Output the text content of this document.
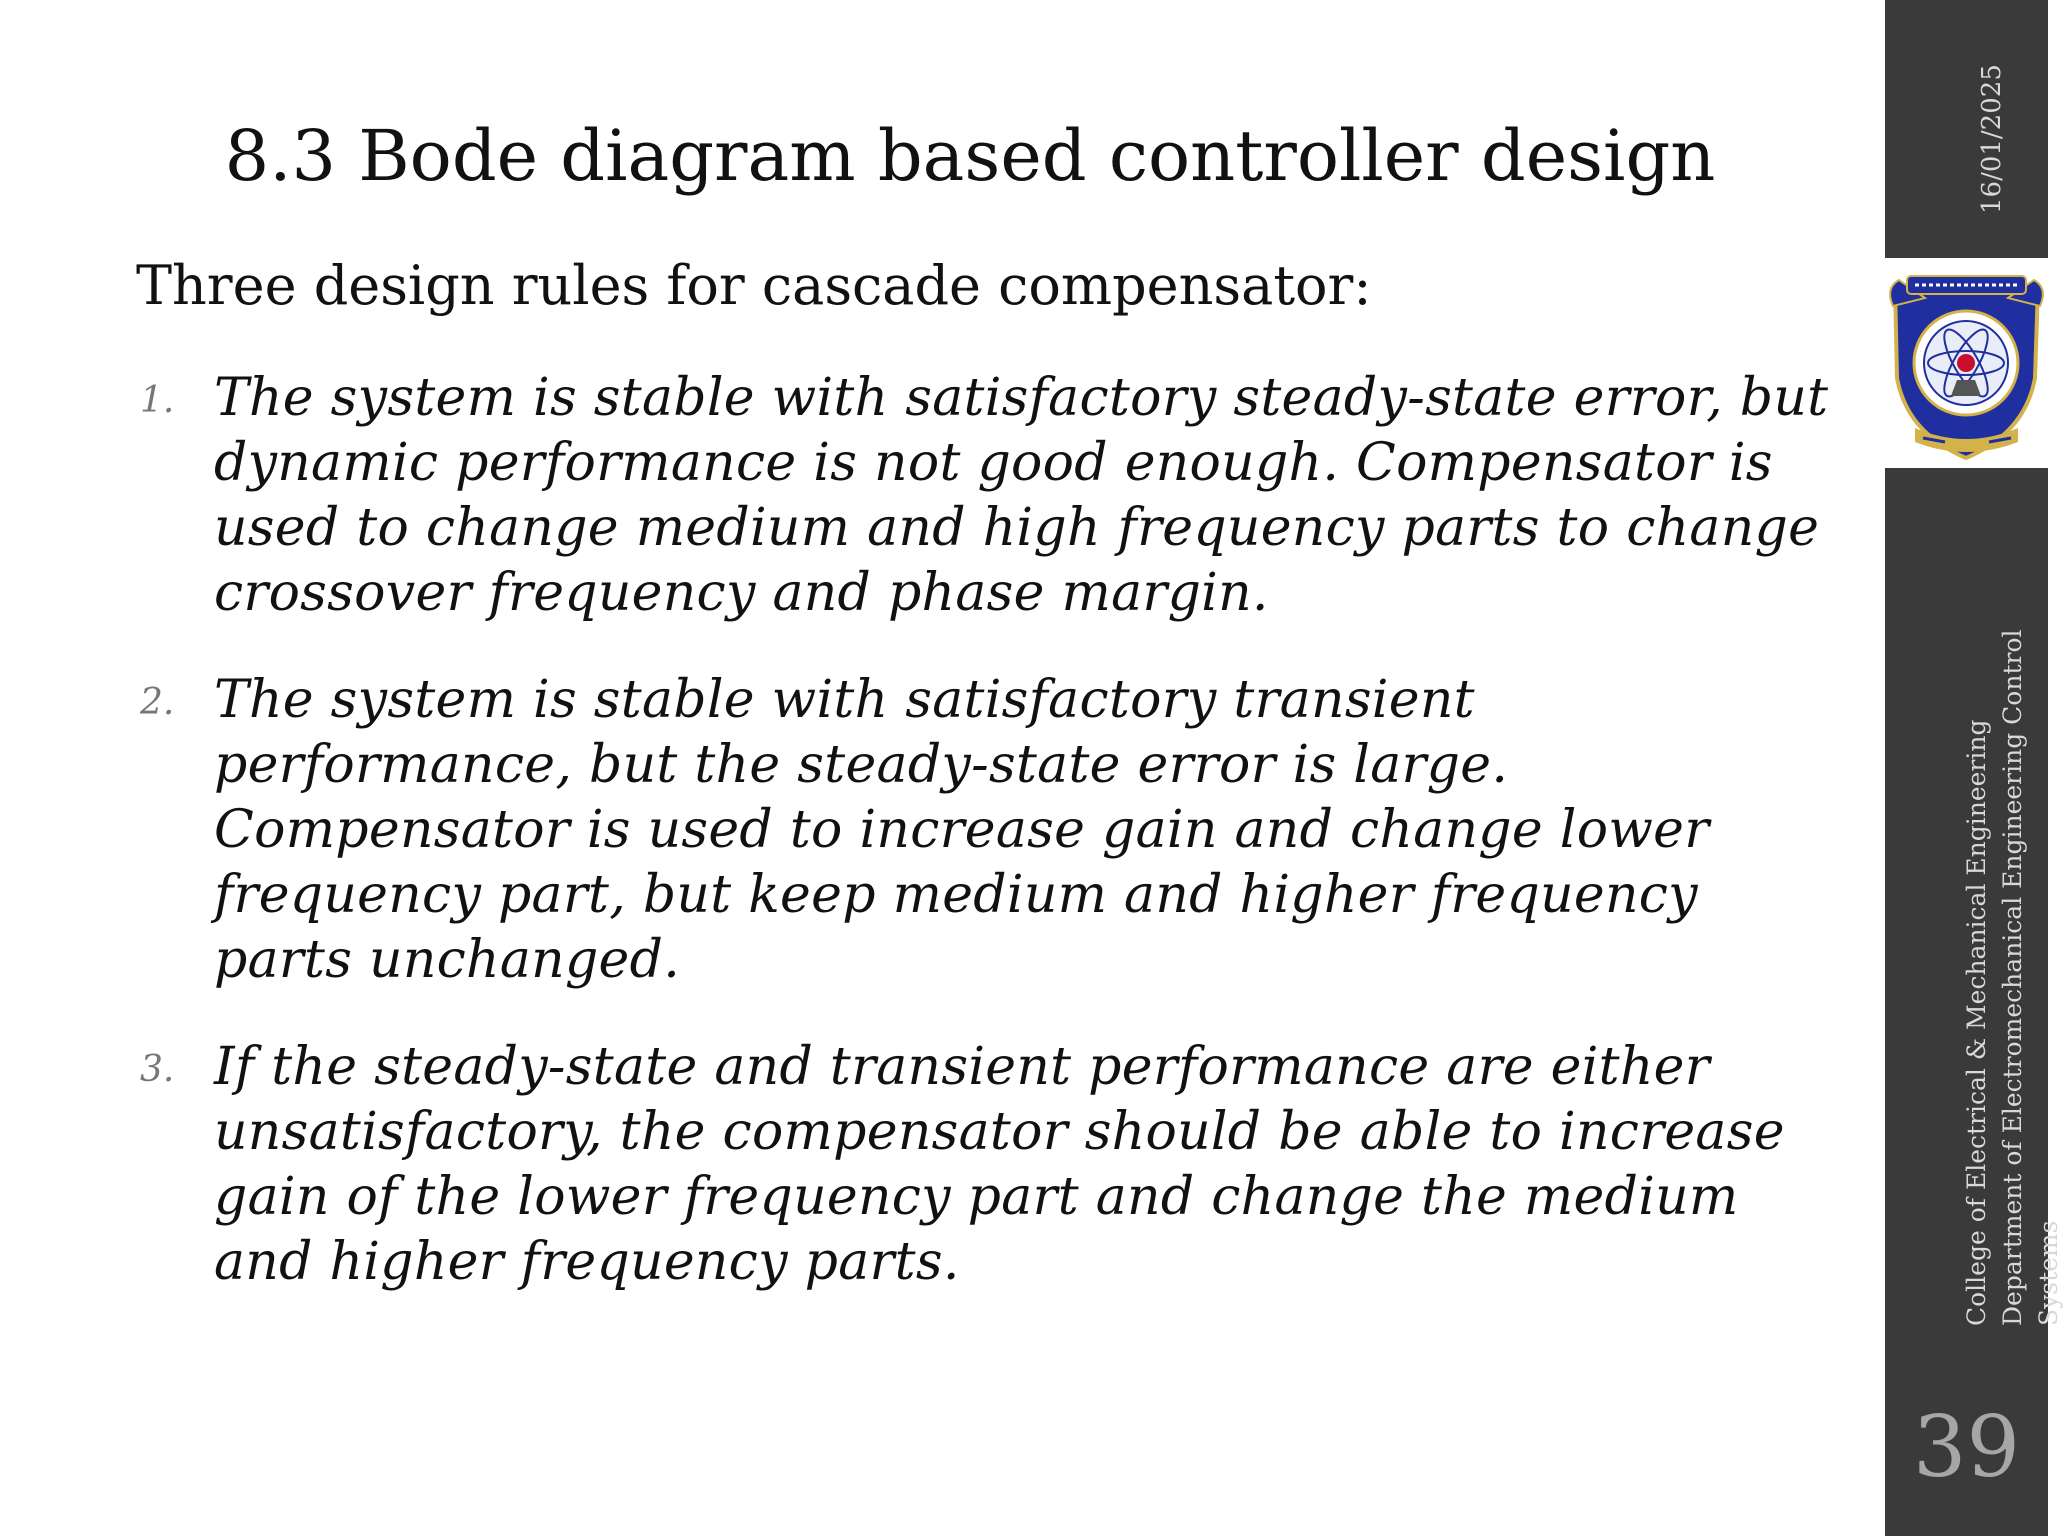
8.3 Bode diagram based controller design

Three design rules for cascade compensator:

1. The system is stable with satisfactory steady-state error, but dynamic performance is not good enough. Compensator is used to change medium and high frequency parts to change crossover frequency and phase margin.
2. The system is stable with satisfactory transient performance, but the steady-state error is large. Compensator is used to increase gain and change lower frequency part, but keep medium and higher frequency parts unchanged.
3. If the steady-state and transient performance are either unsatisfactory, the compensator should be able to increase gain of the lower frequency part and change the medium and higher frequency parts.
16/01/2025
College of Electrical & Mechanical Engineering Department of Electromechanical Engineering Control Systems
39
